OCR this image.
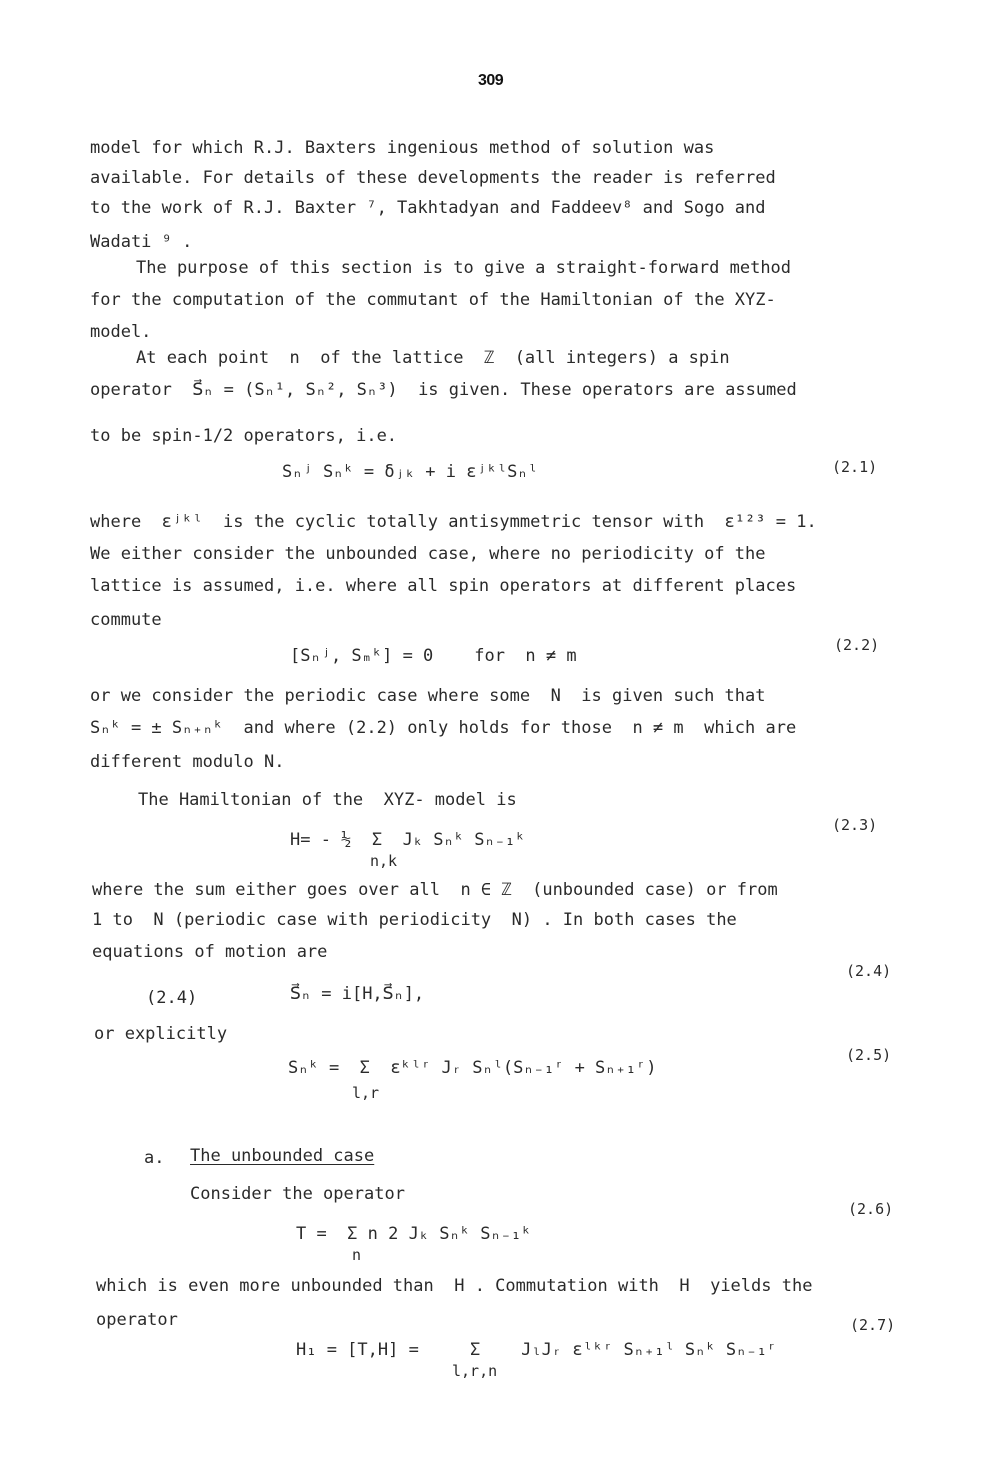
309
model for which R.J. Baxters ingenious method of solution was
available. For details of these developments the reader is referred
to the work of R.J. Baxter ⁷, Takhtadyan and Faddeev⁸ and Sogo and
Wadati ⁹ .
The purpose of this section is to give a straight-forward method
for the computation of the commutant of the Hamiltonian of the XYZ-
model.
At each point  n  of the lattice  ℤ  (all integers) a spin
operator  S⃗ₙ = (Sₙ¹, Sₙ², Sₙ³)  is given. These operators are assumed
to be spin-1/2 operators, i.e.
Sₙʲ Sₙᵏ = δⱼₖ + i εʲᵏˡSₙˡ	(2.1)
where  εʲᵏˡ  is the cyclic totally antisymmetric tensor with  ε¹²³ = 1.
We either consider the unbounded case, where no periodicity of the
lattice is assumed, i.e. where all spin operators at different places
commute
[Sₙʲ, Sₘᵏ] = 0    for  n ≠ m
(2.2)
or we consider the periodic case where some  N  is given such that
Sₙᵏ = ± Sₙ₊ₙᵏ  and where (2.2) only holds for those  n ≠ m  which are
different modulo N.
The Hamiltonian of the  XYZ- model is
H= - ½  Σ  Jₖ Sₙᵏ Sₙ₋₁ᵏ
n,k
(2.3)
where the sum either goes over all  n ∈ ℤ  (unbounded case) or from
1 to  N (periodic case with periodicity  N) . In both cases the
equations of motion are
(2.4)	S⃗ₙ = i[H,S⃗ₙ],
(2.4)
or explicitly
Sₙᵏ =  Σ  εᵏˡʳ Jᵣ Sₙˡ(Sₙ₋₁ʳ + Sₙ₊₁ʳ)
l,r
(2.5)
a. The unbounded case
Consider the operator
T =  Σ n 2 Jₖ Sₙᵏ Sₙ₋₁ᵏ
n
(2.6)
which is even more unbounded than  H . Commutation with  H  yields the
operator
H₁ = [T,H] =     Σ    JₗJᵣ εˡᵏʳ Sₙ₊₁ˡ Sₙᵏ Sₙ₋₁ʳ
l,r,n
(2.7)
